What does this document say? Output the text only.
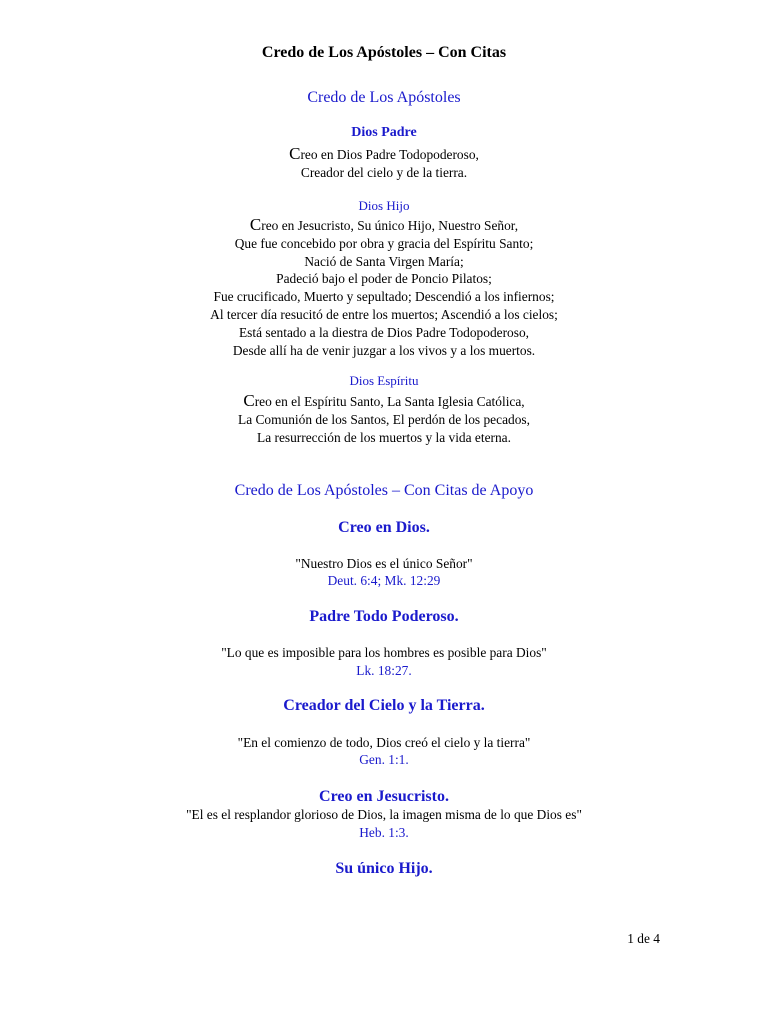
Credo de Los Apóstoles – Con Citas
Credo de Los Apóstoles
Dios Padre
Creo en Dios Padre Todopoderoso,
Creador del cielo y de la tierra.
Dios Hijo
Creo en Jesucristo, Su único Hijo, Nuestro Señor,
Que fue concebido por obra y gracia del Espíritu Santo;
Nació de Santa Virgen María;
Padeció bajo el poder de Poncio Pilatos;
Fue crucificado, Muerto y sepultado; Descendió a los infiernos;
Al tercer día resucitó de entre los muertos; Ascendió a los cielos;
Está sentado a la diestra de Dios Padre Todopoderoso,
Desde allí ha de venir juzgar a los vivos y a los muertos.
Dios Espíritu
Creo en el Espíritu Santo, La Santa Iglesia Católica,
La Comunión de los Santos, El perdón de los pecados,
La resurrección de los muertos y la vida eterna.
Credo de Los Apóstoles – Con Citas de Apoyo
Creo en Dios.
"Nuestro Dios es el único Señor"
Deut. 6:4; Mk. 12:29
Padre Todo Poderoso.
"Lo que es imposible para los hombres es posible para Dios"
Lk. 18:27.
Creador del Cielo y la Tierra.
"En el comienzo de todo, Dios creó el cielo y la tierra"
Gen. 1:1.
Creo en Jesucristo.
"El es el resplandor glorioso de Dios, la imagen misma de lo que Dios es"
Heb. 1:3.
Su único Hijo.
1 de 4
